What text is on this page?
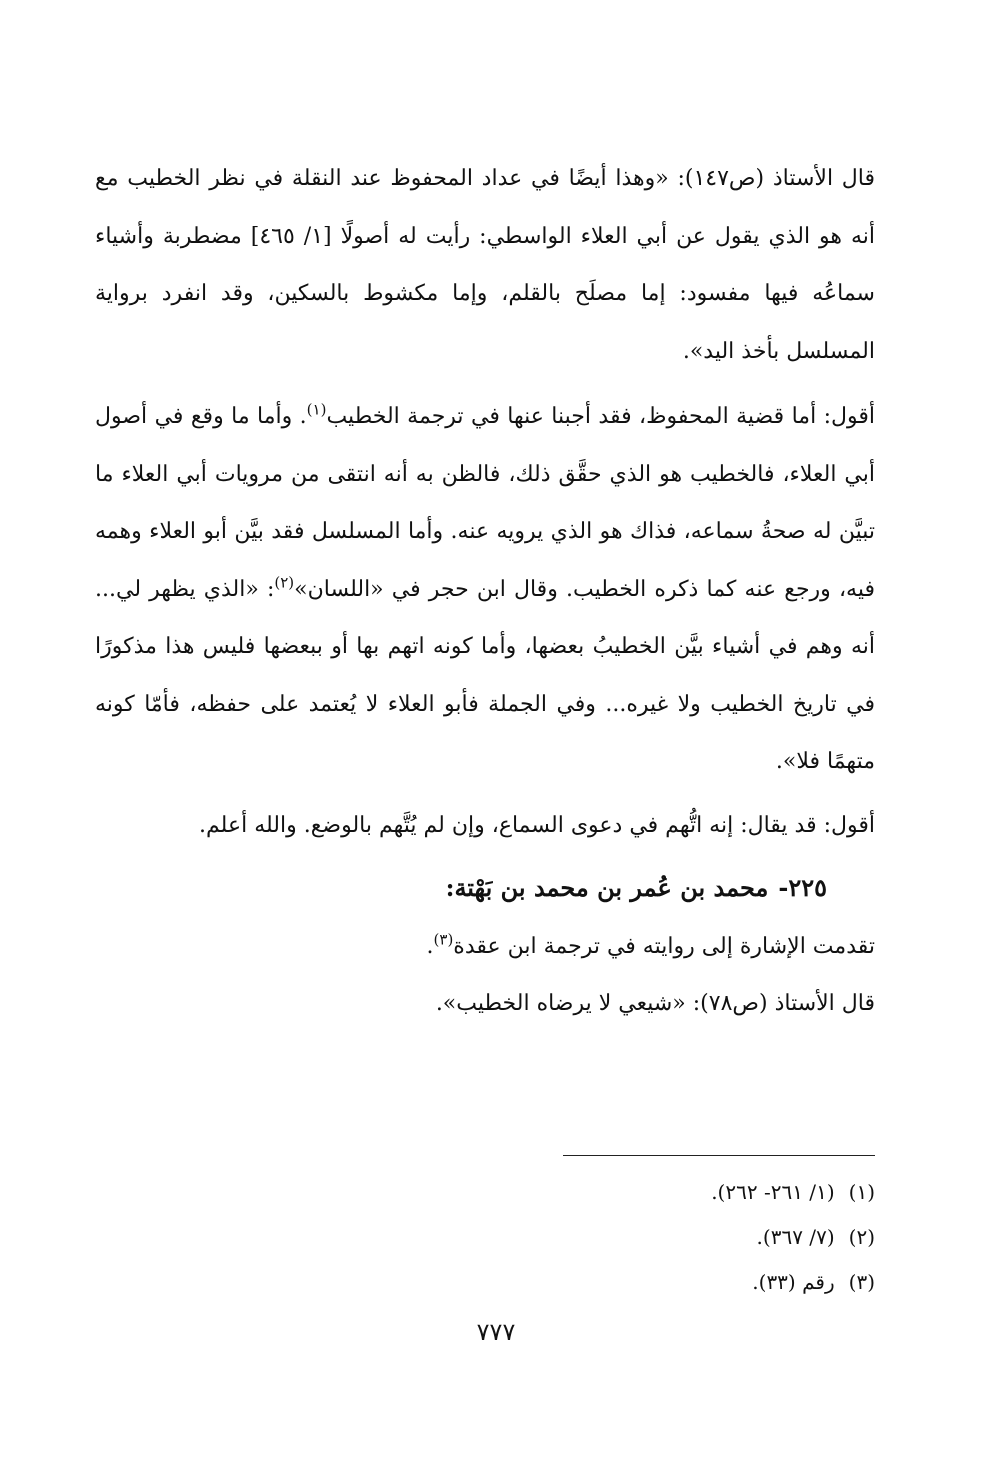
قال الأستاذ (ص١٤٧): «وهذا أيضًا في عداد المحفوظ عند النقلة في نظر الخطيب مع أنه هو الذي يقول عن أبي العلاء الواسطي: رأيت له أصولًا [١/ ٤٦٥] مضطربة وأشياء سماعُه فيها مفسود: إما مصلَح بالقلم، وإما مكشوط بالسكين، وقد انفرد برواية المسلسل بأخذ اليد».

أقول: أما قضية المحفوظ، فقد أجبنا عنها في ترجمة الخطيب$^{(١)}$. وأما ما وقع في أصول أبي العلاء، فالخطيب هو الذي حقَّق ذلك، فالظن به أنه انتقى من مرويات أبي العلاء ما تبيَّن له صحةُ سماعه، فذاك هو الذي يرويه عنه. وأما المسلسل فقد بيَّن أبو العلاء وهمه فيه، ورجع عنه كما ذكره الخطيب. وقال ابن حجر في «اللسان»$^{(٢)}$: «الذي يظهر لي... أنه وهم في أشياء بيَّن الخطيبُ بعضها، وأما كونه اتهم بها أو ببعضها فليس هذا مذكورًا في تاريخ الخطيب ولا غيره... وفي الجملة فأبو العلاء لا يُعتمد على حفظه، فأمّا كونه متهمًا فلا».

أقول: قد يقال: إنه اتُّهم في دعوى السماع، وإن لم يُتَّهم بالوضع. والله أعلم.

٢٢٥-محمد بن عُمر بن محمد بن بَهْتة:

تقدمت الإشارة إلى روايته في ترجمة ابن عقدة$^{(٣)}$.

قال الأستاذ (ص٧٨): «شيعي لا يرضاه الخطيب».

(١)(١/ ٢٦١- ٢٦٢).
(٢)(٧/ ٣٦٧).
(٣)رقم (٣٣).
٧٧٧
